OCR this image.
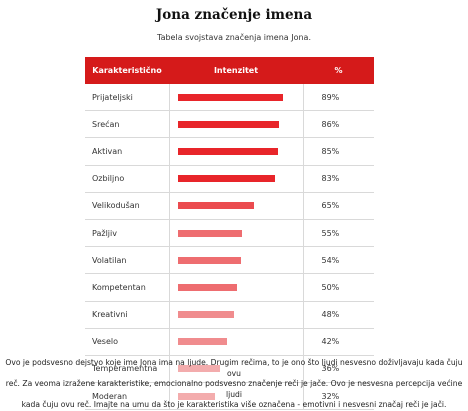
Jona značenje imena
Tabela svojstava značenja imena Jona.
Karakteristično	Intenzitet	%
Prijateljski		89%
Srećan		86%
Aktivan		85%
Ozbiljno		83%
Velikodušan		65%
Pažljiv		55%
Volatilan		54%
Kompetentan		50%
Kreativni		48%
Veselo		42%
Temperamentna		36%
Moderan		32%
Ovo je podsvesno dejstvo koje ime Jona ima na ljude. Drugim rečima, to je ono što ljudi nesvesno doživljavaju kada čuju ovu
reč. Za veoma izražene karakteristike, emocionalno podsvesno značenje reči je jače. Ovo je nesvesna percepcija većine ljudi
kada čuju ovu reč. Imajte na umu da što je karakteristika više označena - emotivni i nesvesni značaj reči je jači.
